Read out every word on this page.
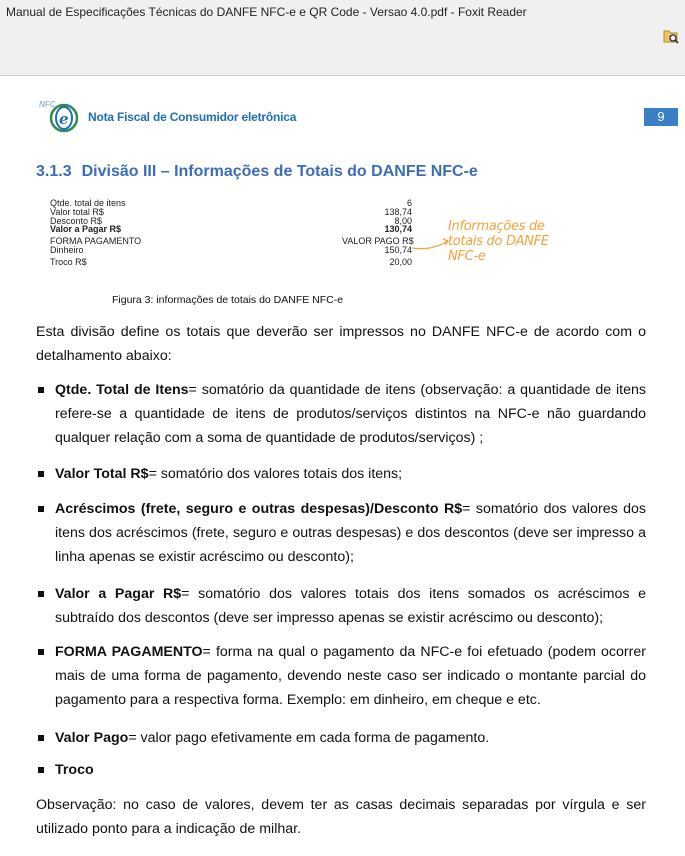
Manual de Especificações Técnicas do DANFE NFC-e e QR Code - Versao 4.0.pdf - Foxit Reader
e
NFC
Nota Fiscal de Consumidor eletrônica	9
3.1.3 Divisão III – Informações de Totais do DANFE NFC-e
Qtde. total de itens	6
Valor total R$	138,74
Desconto R$	8,00
Valor a Pagar R$	130,74
FORMA PAGAMENTO	VALOR PAGO R$
Dinheiro	150,74
Troco R$	20,00
Informações de
totais do DANFE
NFC-e
Figura 3: informações de totais do DANFE NFC-e
Esta divisão define os totais que deverão ser impressos no DANFE NFC-e de acordo com o detalhamento abaixo:
Qtde. Total de Itens= somatório da quantidade de itens (observação: a quantidade de itens refere-se a quantidade de itens de produtos/serviços distintos na NFC-e não guardando qualquer relação com a soma de quantidade de produtos/serviços) ;
Valor Total R$= somatório dos valores totais dos itens;
Acréscimos (frete, seguro e outras despesas)/Desconto R$= somatório dos valores dos itens dos acréscimos (frete, seguro e outras despesas) e dos descontos (deve ser impresso a linha apenas se existir acréscimo ou desconto);
Valor a Pagar R$= somatório dos valores totais dos itens somados os acréscimos e subtraído dos descontos (deve ser impresso apenas se existir acréscimo ou desconto);
FORMA PAGAMENTO= forma na qual o pagamento da NFC-e foi efetuado (podem ocorrer mais de uma forma de pagamento, devendo neste caso ser indicado o montante parcial do pagamento para a respectiva forma. Exemplo: em dinheiro, em cheque e etc.
Valor Pago= valor pago efetivamente em cada forma de pagamento.
Troco
Observação: no caso de valores, devem ter as casas decimais separadas por vírgula e ser utilizado ponto para a indicação de milhar.
